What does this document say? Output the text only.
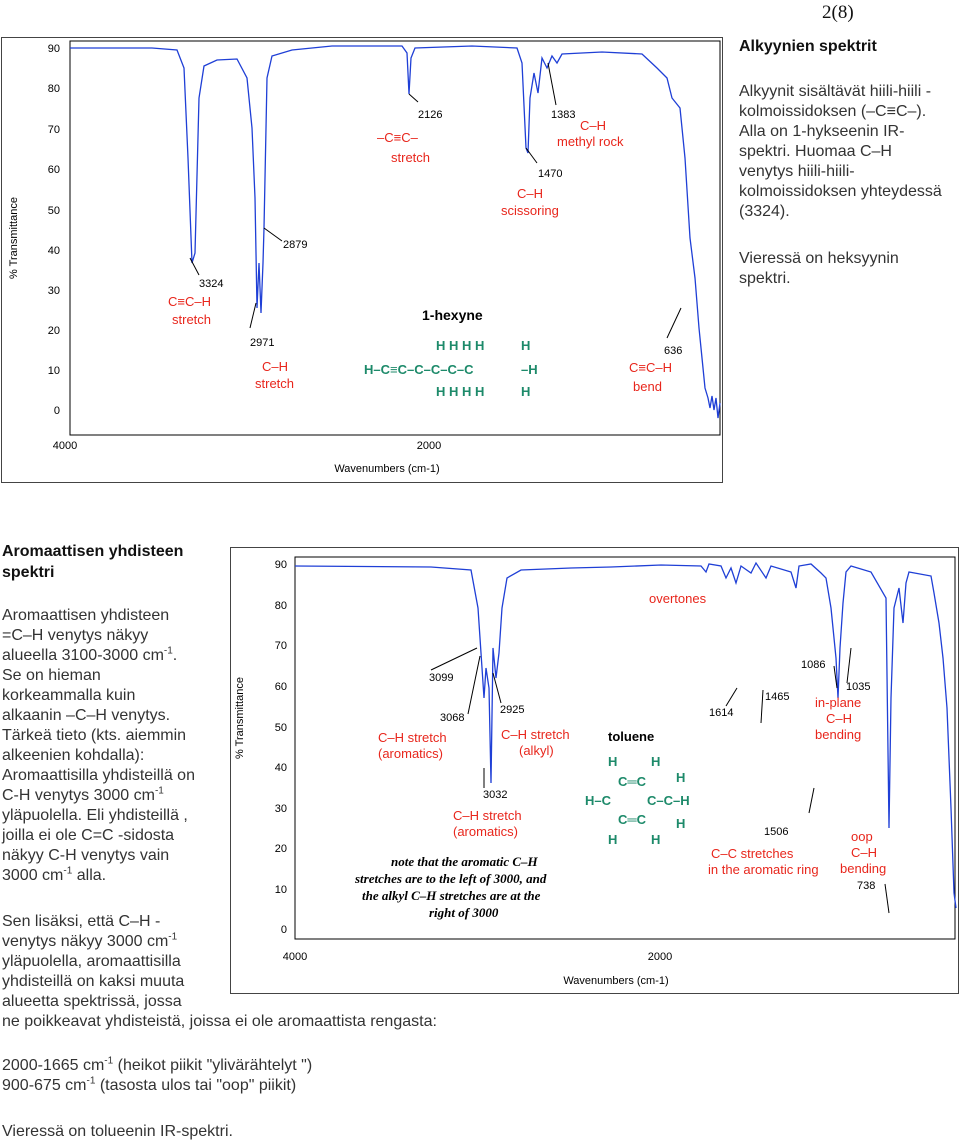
2(8)
90
80
70
60
50
40
30
20
10
0
4000	2000
Wavenumbers (cm-1)
% Transmittance
3324
2971
2879
2126
1470
1383
636
C≡C–H
stretch
C–H
stretch
–C≡C–
stretch
C–H
scissoring
C–H
methyl rock
C≡C–H
bend
1-hexyne
H–C≡C–C–C–C–C
H H H H
H H H H
H
–H
H
Alkyynien spektrit
Alkyynit sisältävät hiili-hiili -
kolmoissidoksen (–C≡C–).
Alla on 1-hykseenin IR-
spektri. Huomaa C–H
venytys hiili-hiili-
kolmoissidoksen yhteydessä
(3324).
Vieressä on heksyynin
spektri.
Aromaattisen yhdisteen
spektri
Aromaattisen yhdisteen
=C–H venytys näkyy
alueella 3100-3000 $cm^{-1}$.
Se on hieman
korkeammalla kuin
alkaanin –C–H venytys.
Tärkeä tieto (kts. aiemmin
alkeenien kohdalla):
Aromaattisilla yhdisteillä on
C-H venytys 3000 $cm^{-1}$
yläpuolella. Eli yhdisteillä ,
joilla ei ole C=C -sidosta
näkyy C-H venytys vain
3000 $cm^{-1}$ alla.
Sen lisäksi, että C–H -
venytys näkyy 3000 $cm^{-1}$
yläpuolella, aromaattisilla
yhdisteillä on kaksi muuta
alueetta spektrissä, jossa
ne poikkeavat yhdisteistä, joissa ei ole aromaattista rengasta:
2000-1665 $cm^{-1}$ (heikot piikit "ylivärähtelyt ")
900-675 $cm^{-1}$ (tasosta ulos tai "oop" piikit)
Vieressä on tolueenin IR-spektri.
90
80
70
60
50
40
30
20
10
0
4000	2000
Wavenumbers (cm-1)
% Transmittance	3099
3068
3032
2925	1614
1506
1465
1086
1035
738
overtones
C–H stretch
(aromatics)
C–H stretch
(alkyl)
C–H stretch
(aromatics)
C–C stretches
in the aromatic ring
in-plane
C–H
bending
oop
C–H
bending
toluene
H	H
C═C H
H–C	C–C–H
C═C H
H	H
note that the aromatic C–H
stretches are to the left of 3000, and
the alkyl C–H stretches are at the
right of 3000
